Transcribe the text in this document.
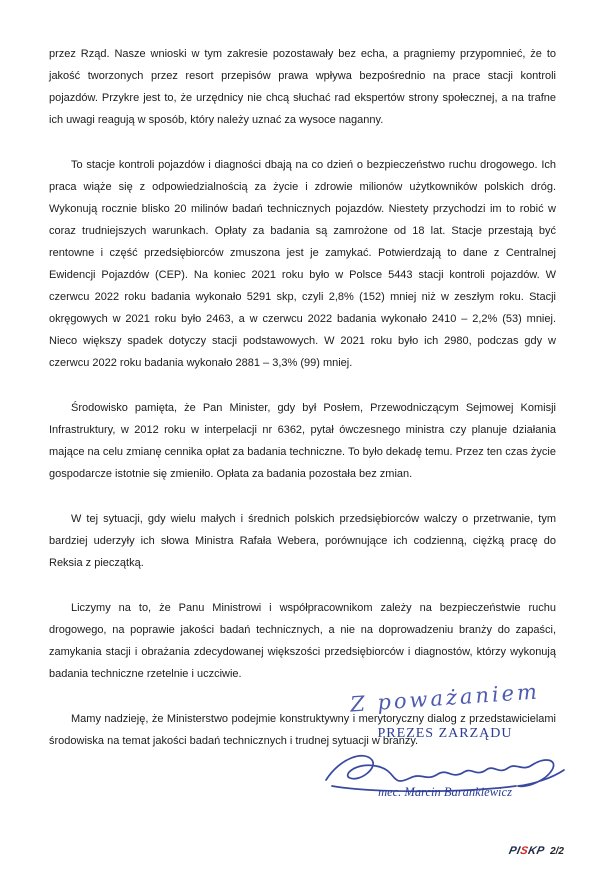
przez Rząd. Nasze wnioski w tym zakresie pozostawały bez echa, a pragniemy przypomnieć, że to jakość tworzonych przez resort przepisów prawa wpływa bezpośrednio na prace stacji kontroli pojazdów. Przykre jest to, że urzędnicy nie chcą słuchać rad ekspertów strony społecznej, a na trafne ich uwagi reagują w sposób, który należy uznać za wysoce naganny.

To stacje kontroli pojazdów i diagności dbają na co dzień o bezpieczeństwo ruchu drogowego. Ich praca wiąże się z odpowiedzialnością za życie i zdrowie milionów użytkowników polskich dróg. Wykonują rocznie blisko 20 milinów badań technicznych pojazdów. Niestety przychodzi im to robić w coraz trudniejszych warunkach. Opłaty za badania są zamrożone od 18 lat. Stacje przestają być rentowne i część przedsiębiorców zmuszona jest je zamykać. Potwierdzają to dane z Centralnej Ewidencji Pojazdów (CEP). Na koniec 2021 roku było w Polsce 5443 stacji kontroli pojazdów. W czerwcu 2022 roku badania wykonało 5291 skp, czyli 2,8% (152) mniej niż w zeszłym roku. Stacji okręgowych w 2021 roku było 2463, a w czerwcu 2022 badania wykonało 2410 – 2,2% (53) mniej. Nieco większy spadek dotyczy stacji podstawowych. W 2021 roku było ich 2980, podczas gdy w czerwcu 2022 roku badania wykonało 2881 – 3,3% (99) mniej.

Środowisko pamięta, że Pan Minister, gdy był Posłem, Przewodniczącym Sejmowej Komisji Infrastruktury, w 2012 roku w interpelacji nr 6362, pytał ówczesnego ministra czy planuje działania mające na celu zmianę cennika opłat za badania techniczne. To było dekadę temu. Przez ten czas życie gospodarcze istotnie się zmieniło. Opłata za badania pozostała bez zmian.

W tej sytuacji, gdy wielu małych i średnich polskich przedsiębiorców walczy o przetrwanie, tym bardziej uderzyły ich słowa Ministra Rafała Webera, porównujące ich codzienną, ciężką pracę do Reksia z pieczątką.

Liczymy na to, że Panu Ministrowi i współpracownikom zależy na bezpieczeństwie ruchu drogowego, na poprawie jakości badań technicznych, a nie na doprowadzeniu branży do zapaści, zamykania stacji i obrażania zdecydowanej większości przedsiębiorców i diagnostów, którzy wykonują badania techniczne rzetelnie i uczciwie.

Mamy nadzieję, że Ministerstwo podejmie konstruktywny i merytoryczny dialog z przedstawicielami środowiska na temat jakości badań technicznych i trudnej sytuacji w branży.

Z poważaniem
PREZES ZARZĄDU
mec. Marcin Barankiewicz
PISKP 2/2
